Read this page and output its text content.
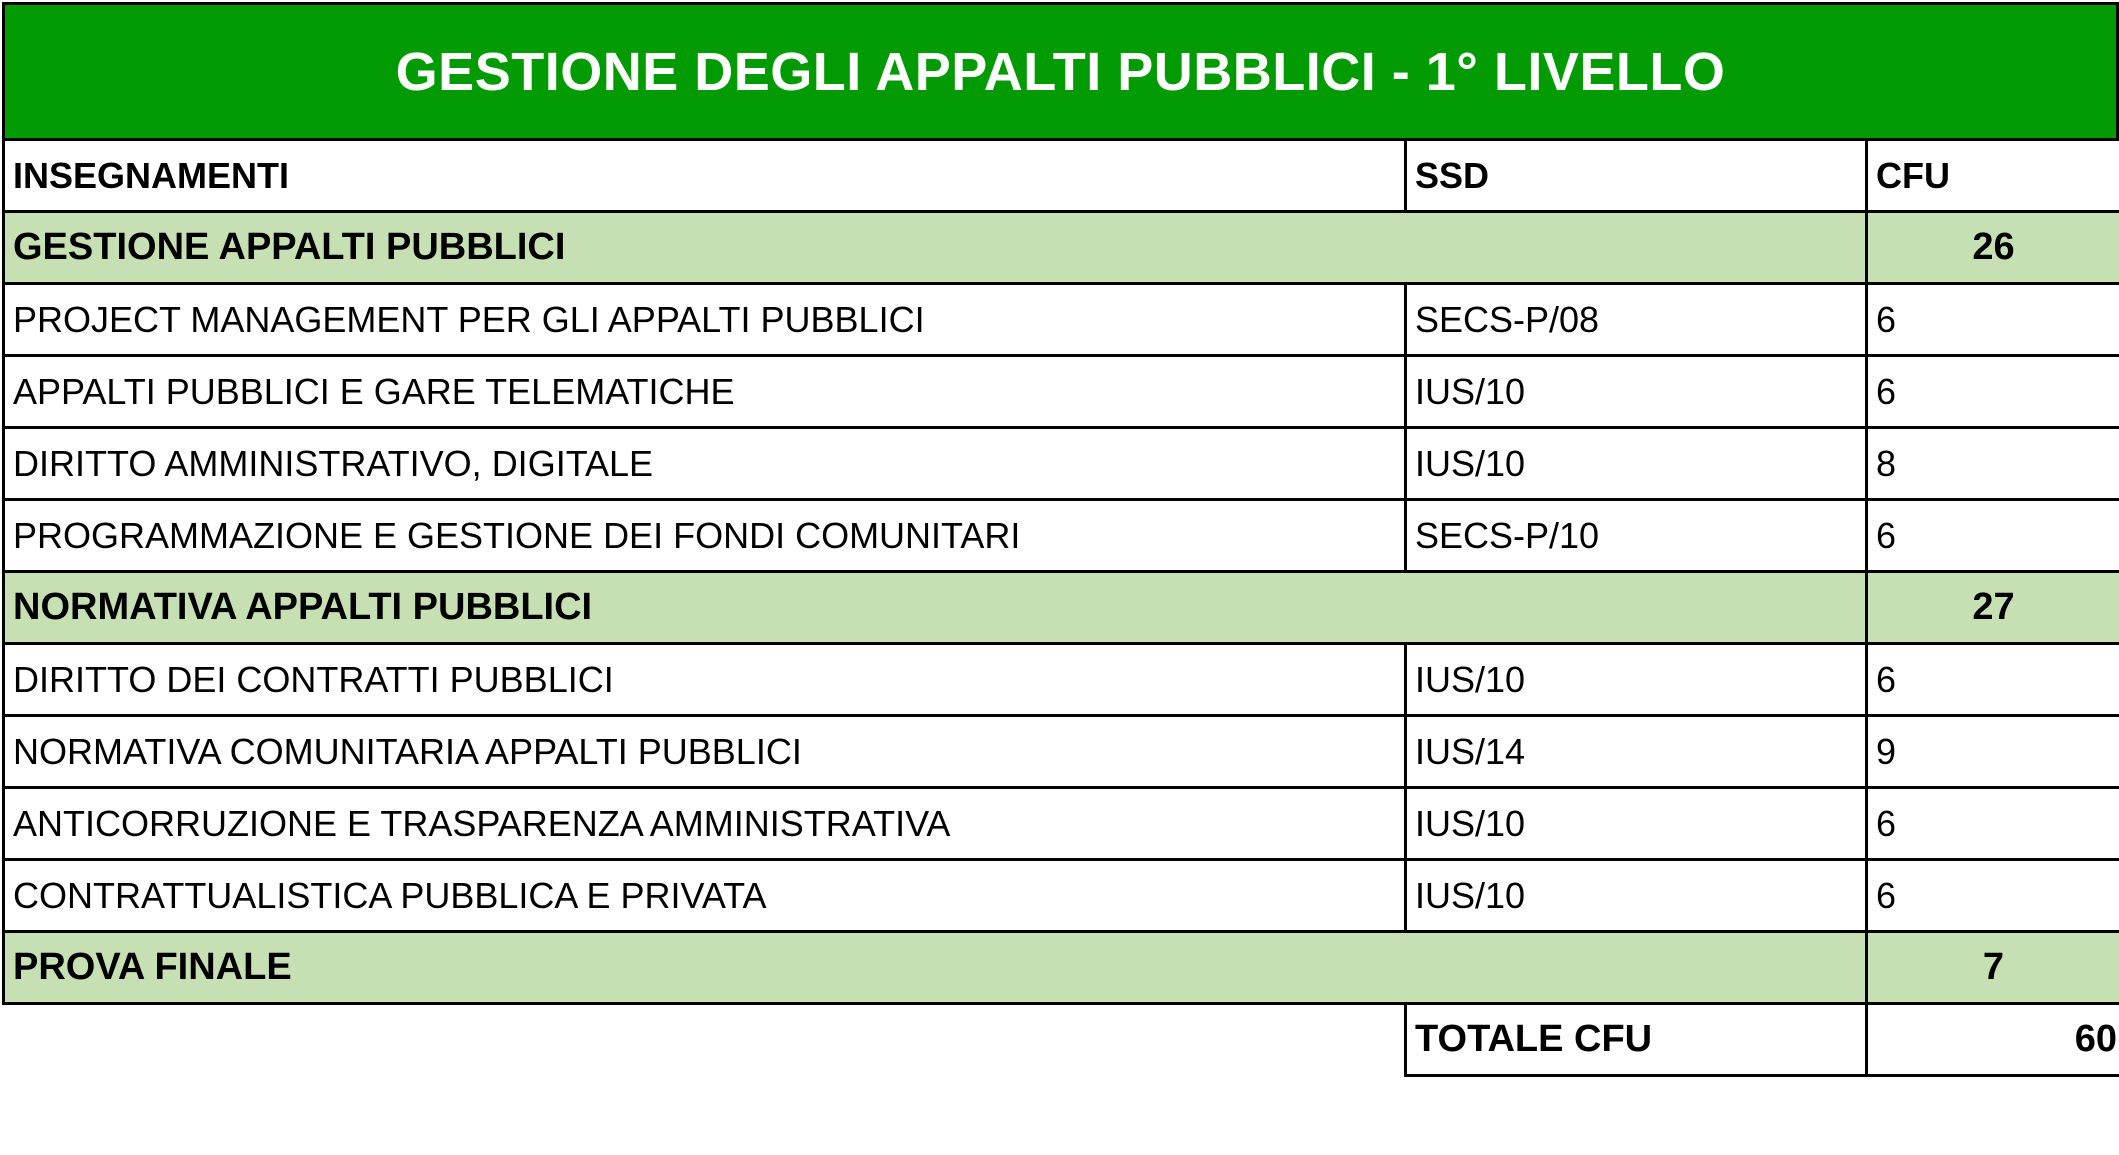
GESTIONE DEGLI APPALTI PUBBLICI - 1° LIVELLO
INSEGNAMENTI	SSD	CFU
GESTIONE APPALTI PUBBLICI		26
PROJECT MANAGEMENT PER GLI APPALTI PUBBLICI	SECS-P/08	6
APPALTI PUBBLICI E GARE TELEMATICHE	IUS/10	6
DIRITTO AMMINISTRATIVO, DIGITALE	IUS/10	8
PROGRAMMAZIONE E GESTIONE DEI FONDI COMUNITARI	SECS-P/10	6
NORMATIVA APPALTI PUBBLICI		27
DIRITTO DEI CONTRATTI PUBBLICI	IUS/10	6
NORMATIVA COMUNITARIA APPALTI PUBBLICI	IUS/14	9
ANTICORRUZIONE E TRASPARENZA AMMINISTRATIVA	IUS/10	6
CONTRATTUALISTICA PUBBLICA E PRIVATA	IUS/10	6
PROVA FINALE		7
	TOTALE CFU	60
